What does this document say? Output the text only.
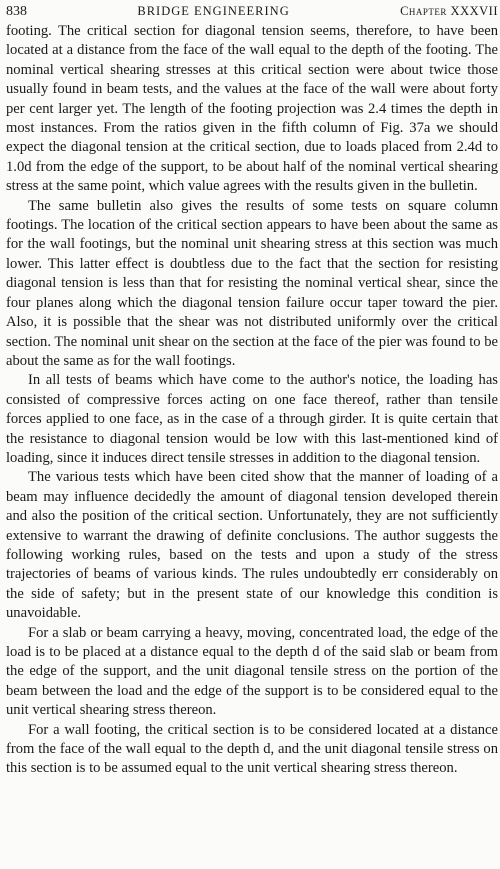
838	BRIDGE ENGINEERING	Chapter XXXVII

footing. The critical section for diagonal tension seems, therefore, to have been located at a distance from the face of the wall equal to the depth of the footing. The nominal vertical shearing stresses at this critical section were about twice those usually found in beam tests, and the values at the face of the wall were about forty per cent larger yet. The length of the footing projection was 2.4 times the depth in most instances. From the ratios given in the fifth column of Fig. 37a we should expect the diagonal tension at the critical section, due to loads placed from 2.4d to 1.0d from the edge of the support, to be about half of the nominal vertical shearing stress at the same point, which value agrees with the results given in the bulletin.

The same bulletin also gives the results of some tests on square column footings. The location of the critical section appears to have been about the same as for the wall footings, but the nominal unit shearing stress at this section was much lower. This latter effect is doubtless due to the fact that the section for resisting diagonal tension is less than that for resisting the nominal vertical shear, since the four planes along which the diagonal tension failure occur taper toward the pier. Also, it is possible that the shear was not distributed uniformly over the critical section. The nominal unit shear on the section at the face of the pier was found to be about the same as for the wall footings.

In all tests of beams which have come to the author's notice, the loading has consisted of compressive forces acting on one face thereof, rather than tensile forces applied to one face, as in the case of a through girder. It is quite certain that the resistance to diagonal tension would be low with this last-mentioned kind of loading, since it induces direct tensile stresses in addition to the diagonal tension.

The various tests which have been cited show that the manner of loading of a beam may influence decidedly the amount of diagonal tension developed therein and also the position of the critical section. Unfortunately, they are not sufficiently extensive to warrant the drawing of definite conclusions. The author suggests the following working rules, based on the tests and upon a study of the stress trajectories of beams of various kinds. The rules undoubtedly err considerably on the side of safety; but in the present state of our knowledge this condition is unavoidable.

For a slab or beam carrying a heavy, moving, concentrated load, the edge of the load is to be placed at a distance equal to the depth d of the said slab or beam from the edge of the support, and the unit diagonal tensile stress on the portion of the beam between the load and the edge of the support is to be considered equal to the unit vertical shearing stress thereon.

For a wall footing, the critical section is to be considered located at a distance from the face of the wall equal to the depth d, and the unit diagonal tensile stress on this section is to be assumed equal to the unit vertical shearing stress thereon.
